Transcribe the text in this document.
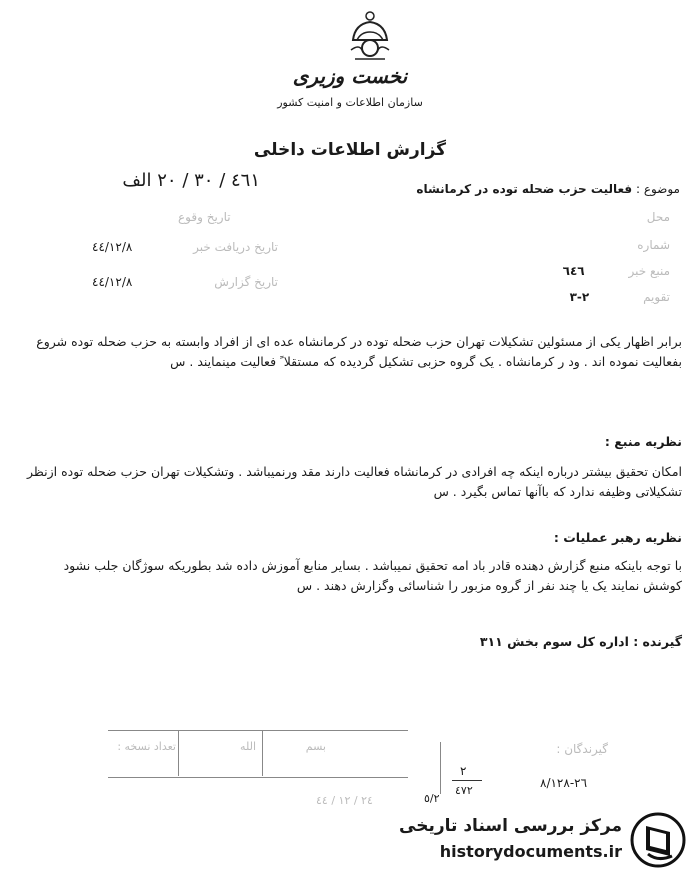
نخست وزیری
سازمان اطلاعات و امنیت کشور
گزارش اطلاعات داخلی
موضوع : فعالیت حزب ضحله توده در کرمانشاه
محل
شماره
منبع خبر ٦٤٦
تقویم ٢-٣
٤٦١ / ٣٠ / ٢٠ الف
تاریخ وقوع
٤٤/١٢/٨	تاریخ دریافت خبر
٤٤/١٢/٨	تاریخ گزارش
برابر اظهار یکی از مسئولین تشکیلات تهران حزب ضحله توده در کرمانشاه عده ای از افراد وابسته به حزب ضحله توده شروع بفعالیت نموده اند . ود ر کرمانشاه . یک گروه حزبی تشکیل گردیده که مستقلا ً فعالیت مینمایند . س
نظریه منبع :
امکان تحقیق بیشتر درباره اینکه چه افرادی در کرمانشاه فعالیت دارند مقد ورنمیباشد . وتشکیلات تهران حزب ضحله توده ازنظر تشکیلاتی وظیفه ندارد که باآنها تماس بگیرد . س
نظریه رهبر عملیات :
با توجه باینکه منبع گزارش دهنده قادر باد امه تحقیق نمیباشد . بساير منابع آموزش داده شد بطوریکه سوژگان جلب نشود کوشش نمایند یک یا چند نفر از گروه مزبور را شناسائی وگزارش دهند . س
گیرنده : اداره کل سوم بخش ٣١١
تعداد نسخه :	بسم
الله	گیرندگان :
٢٦-٨/١٢٨
٢
٤٧٢
٥/٢
٢٤ / ١٢ / ٤٤
مرکز بررسی اسناد تاریخی
historydocuments.ir
